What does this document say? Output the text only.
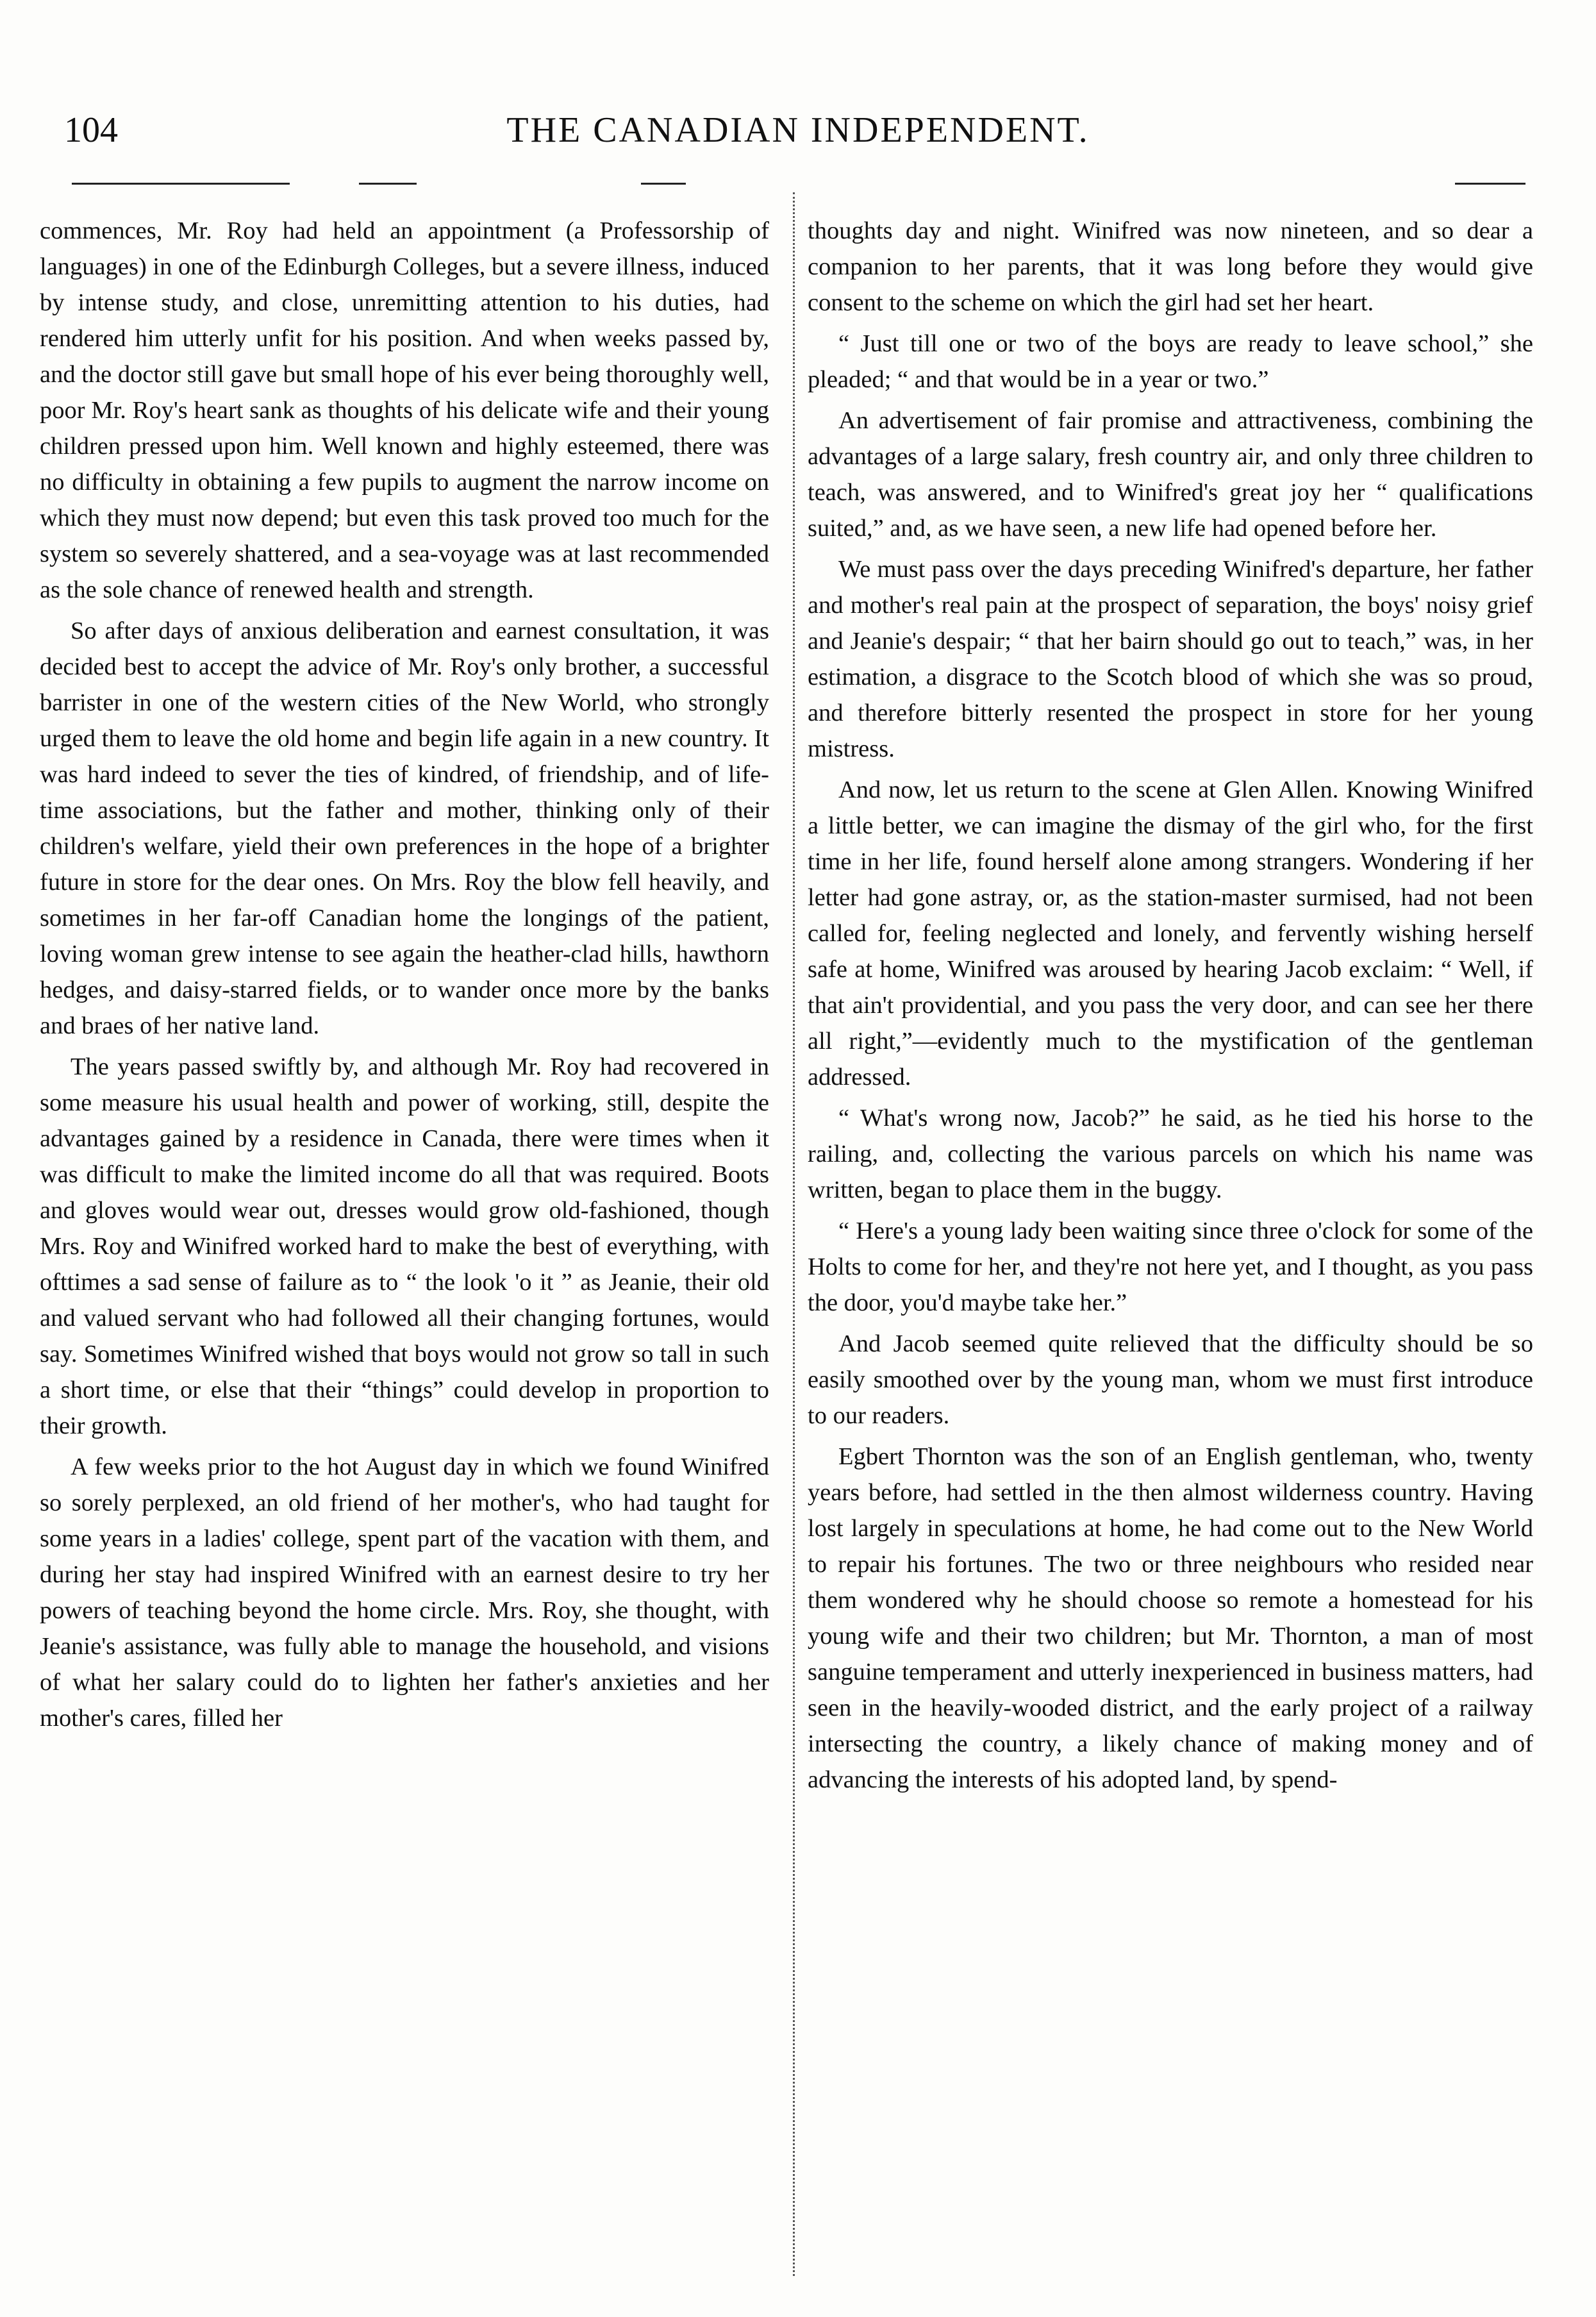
104	THE CANADIAN INDEPENDENT.

commences, Mr. Roy had held an appointment (a Professorship of languages) in one of the Edinburgh Colleges, but a severe illness, induced by intense study, and close, unremitting attention to his duties, had rendered him utterly unfit for his position. And when weeks passed by, and the doctor still gave but small hope of his ever being thoroughly well, poor Mr. Roy's heart sank as thoughts of his delicate wife and their young children pressed upon him. Well known and highly esteemed, there was no difficulty in obtaining a few pupils to augment the narrow income on which they must now depend; but even this task proved too much for the system so severely shattered, and a sea-voyage was at last recommended as the sole chance of renewed health and strength.

So after days of anxious deliberation and earnest consultation, it was decided best to accept the advice of Mr. Roy's only brother, a successful barrister in one of the western cities of the New World, who strongly urged them to leave the old home and begin life again in a new country. It was hard indeed to sever the ties of kindred, of friendship, and of life-time associations, but the father and mother, thinking only of their children's welfare, yield their own preferences in the hope of a brighter future in store for the dear ones. On Mrs. Roy the blow fell heavily, and sometimes in her far-off Canadian home the longings of the patient, loving woman grew intense to see again the heather-clad hills, hawthorn hedges, and daisy-starred fields, or to wander once more by the banks and braes of her native land.

The years passed swiftly by, and although Mr. Roy had recovered in some measure his usual health and power of working, still, despite the advantages gained by a residence in Canada, there were times when it was difficult to make the limited income do all that was required. Boots and gloves would wear out, dresses would grow old-fashioned, though Mrs. Roy and Winifred worked hard to make the best of everything, with ofttimes a sad sense of failure as to “ the look 'o it ” as Jeanie, their old and valued servant who had followed all their changing fortunes, would say. Sometimes Winifred wished that boys would not grow so tall in such a short time, or else that their “things” could develop in proportion to their growth.

A few weeks prior to the hot August day in which we found Winifred so sorely perplexed, an old friend of her mother's, who had taught for some years in a ladies' college, spent part of the vacation with them, and during her stay had inspired Winifred with an earnest desire to try her powers of teaching beyond the home circle. Mrs. Roy, she thought, with Jeanie's assistance, was fully able to manage the household, and visions of what her salary could do to lighten her father's anxieties and her mother's cares, filled her

thoughts day and night. Winifred was now nineteen, and so dear a companion to her parents, that it was long before they would give consent to the scheme on which the girl had set her heart.

“ Just till one or two of the boys are ready to leave school,” she pleaded; “ and that would be in a year or two.”

An advertisement of fair promise and attractiveness, combining the advantages of a large salary, fresh country air, and only three children to teach, was answered, and to Winifred's great joy her “ qualifications suited,” and, as we have seen, a new life had opened before her.

We must pass over the days preceding Winifred's departure, her father and mother's real pain at the prospect of separation, the boys' noisy grief and Jeanie's despair; “ that her bairn should go out to teach,” was, in her estimation, a disgrace to the Scotch blood of which she was so proud, and therefore bitterly resented the prospect in store for her young mistress.

And now, let us return to the scene at Glen Allen. Knowing Winifred a little better, we can imagine the dismay of the girl who, for the first time in her life, found herself alone among strangers. Wondering if her letter had gone astray, or, as the station-master surmised, had not been called for, feeling neglected and lonely, and fervently wishing herself safe at home, Winifred was aroused by hearing Jacob exclaim: “ Well, if that ain't providential, and you pass the very door, and can see her there all right,”—evidently much to the mystification of the gentleman addressed.

“ What's wrong now, Jacob?” he said, as he tied his horse to the railing, and, collecting the various parcels on which his name was written, began to place them in the buggy.

“ Here's a young lady been waiting since three o'clock for some of the Holts to come for her, and they're not here yet, and I thought, as you pass the door, you'd maybe take her.”

And Jacob seemed quite relieved that the difficulty should be so easily smoothed over by the young man, whom we must first introduce to our readers.

Egbert Thornton was the son of an English gentleman, who, twenty years before, had settled in the then almost wilderness country. Having lost largely in speculations at home, he had come out to the New World to repair his fortunes. The two or three neighbours who resided near them wondered why he should choose so remote a homestead for his young wife and their two children; but Mr. Thornton, a man of most sanguine temperament and utterly inexperienced in business matters, had seen in the heavily-wooded district, and the early project of a railway intersecting the country, a likely chance of making money and of advancing the interests of his adopted land, by spend-
